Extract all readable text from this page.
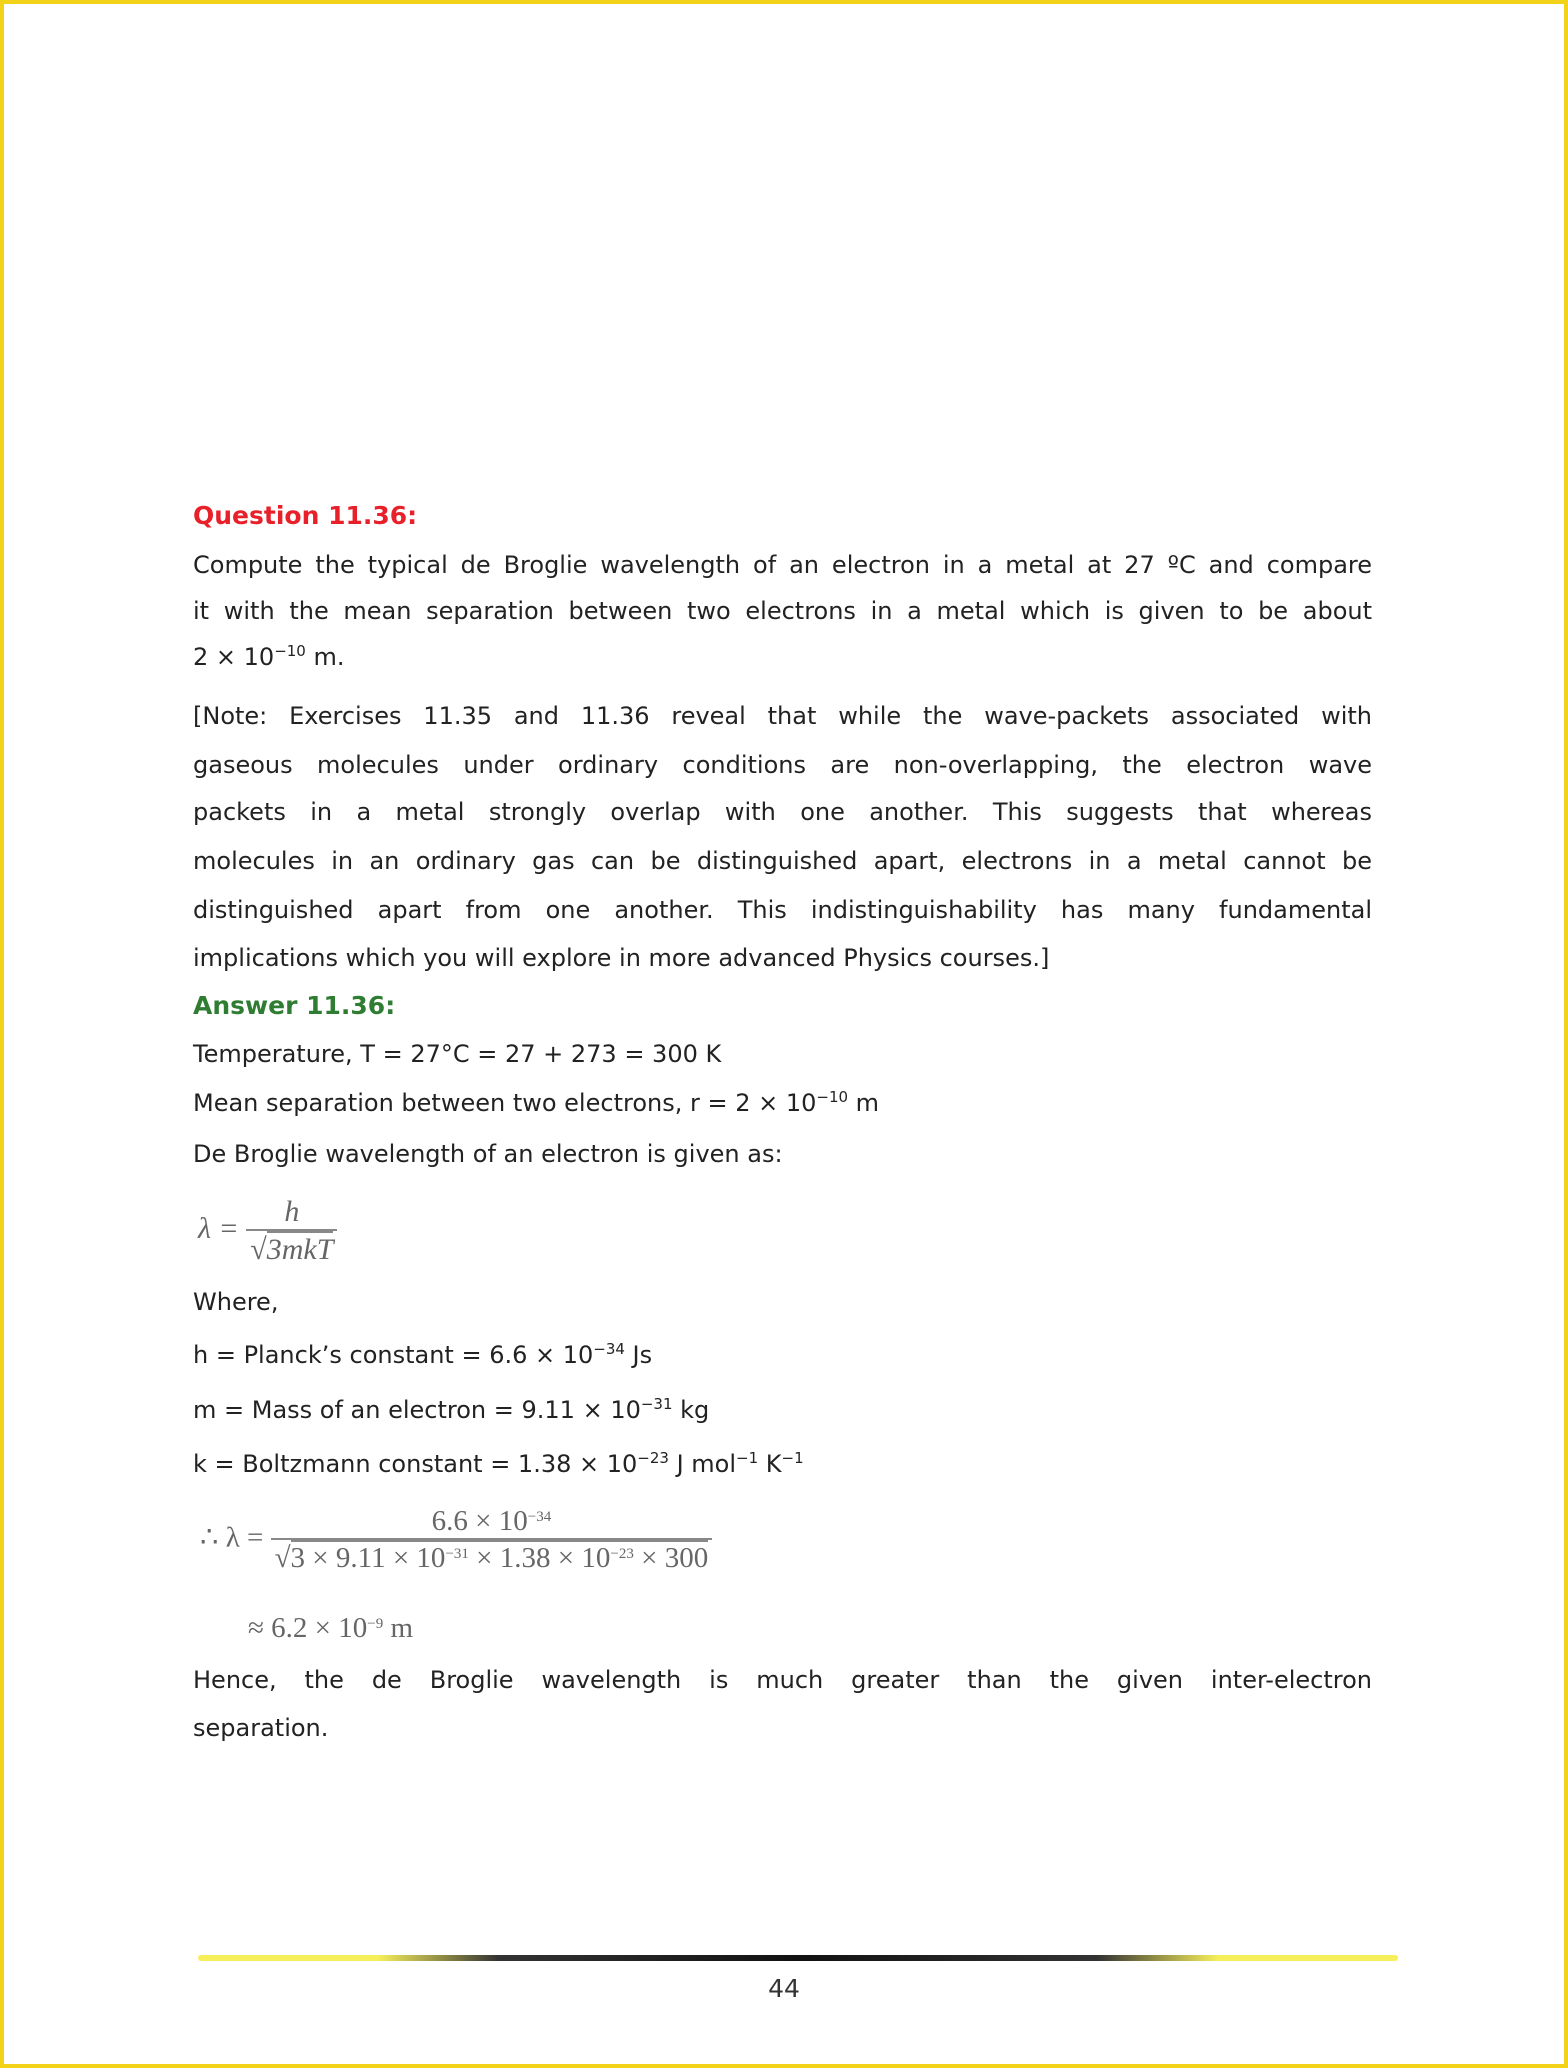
Question 11.36:
Compute the typical de Broglie wavelength of an electron in a metal at 27 ºC and compare
it with the mean separation between two electrons in a metal which is given to be about
$2 \times 10^{-10}$ m.
[Note: Exercises 11.35 and 11.36 reveal that while the wave-packets associated with
gaseous molecules under ordinary conditions are non-overlapping, the electron wave
packets in a metal strongly overlap with one another. This suggests that whereas
molecules in an ordinary gas can be distinguished apart, electrons in a metal cannot be
distinguished apart from one another. This indistinguishability has many fundamental
implications which you will explore in more advanced Physics courses.]
Answer 11.36:
Temperature, T = 27°C = 27 + 273 = 300 K
Mean separation between two electrons, $r = 2 \times 10^{-10}$ m
De Broglie wavelength of an electron is given as:
$\lambda = \frac{h}{\text{√3mkT}}$
Where,
h = Planck’s constant = $6.6 \times 10^{-34}$ Js
m = Mass of an electron = $9.11 \times 10^{-31}$ kg
k = Boltzmann constant = $1.38 \times 10^{-23}$ J mol$^{-1}$ $K^{-1}$
∴ $\lambda = \frac{6.6 \times 10^{-34}}{√3 \times 9.11 \times 10^{-31} \times 1.38 \times 10^{-23} \times 300}$
≈ $6.2 \times 10^{-9}$ m
Hence, the de Broglie wavelength is much greater than the given inter-electron
separation.
44
